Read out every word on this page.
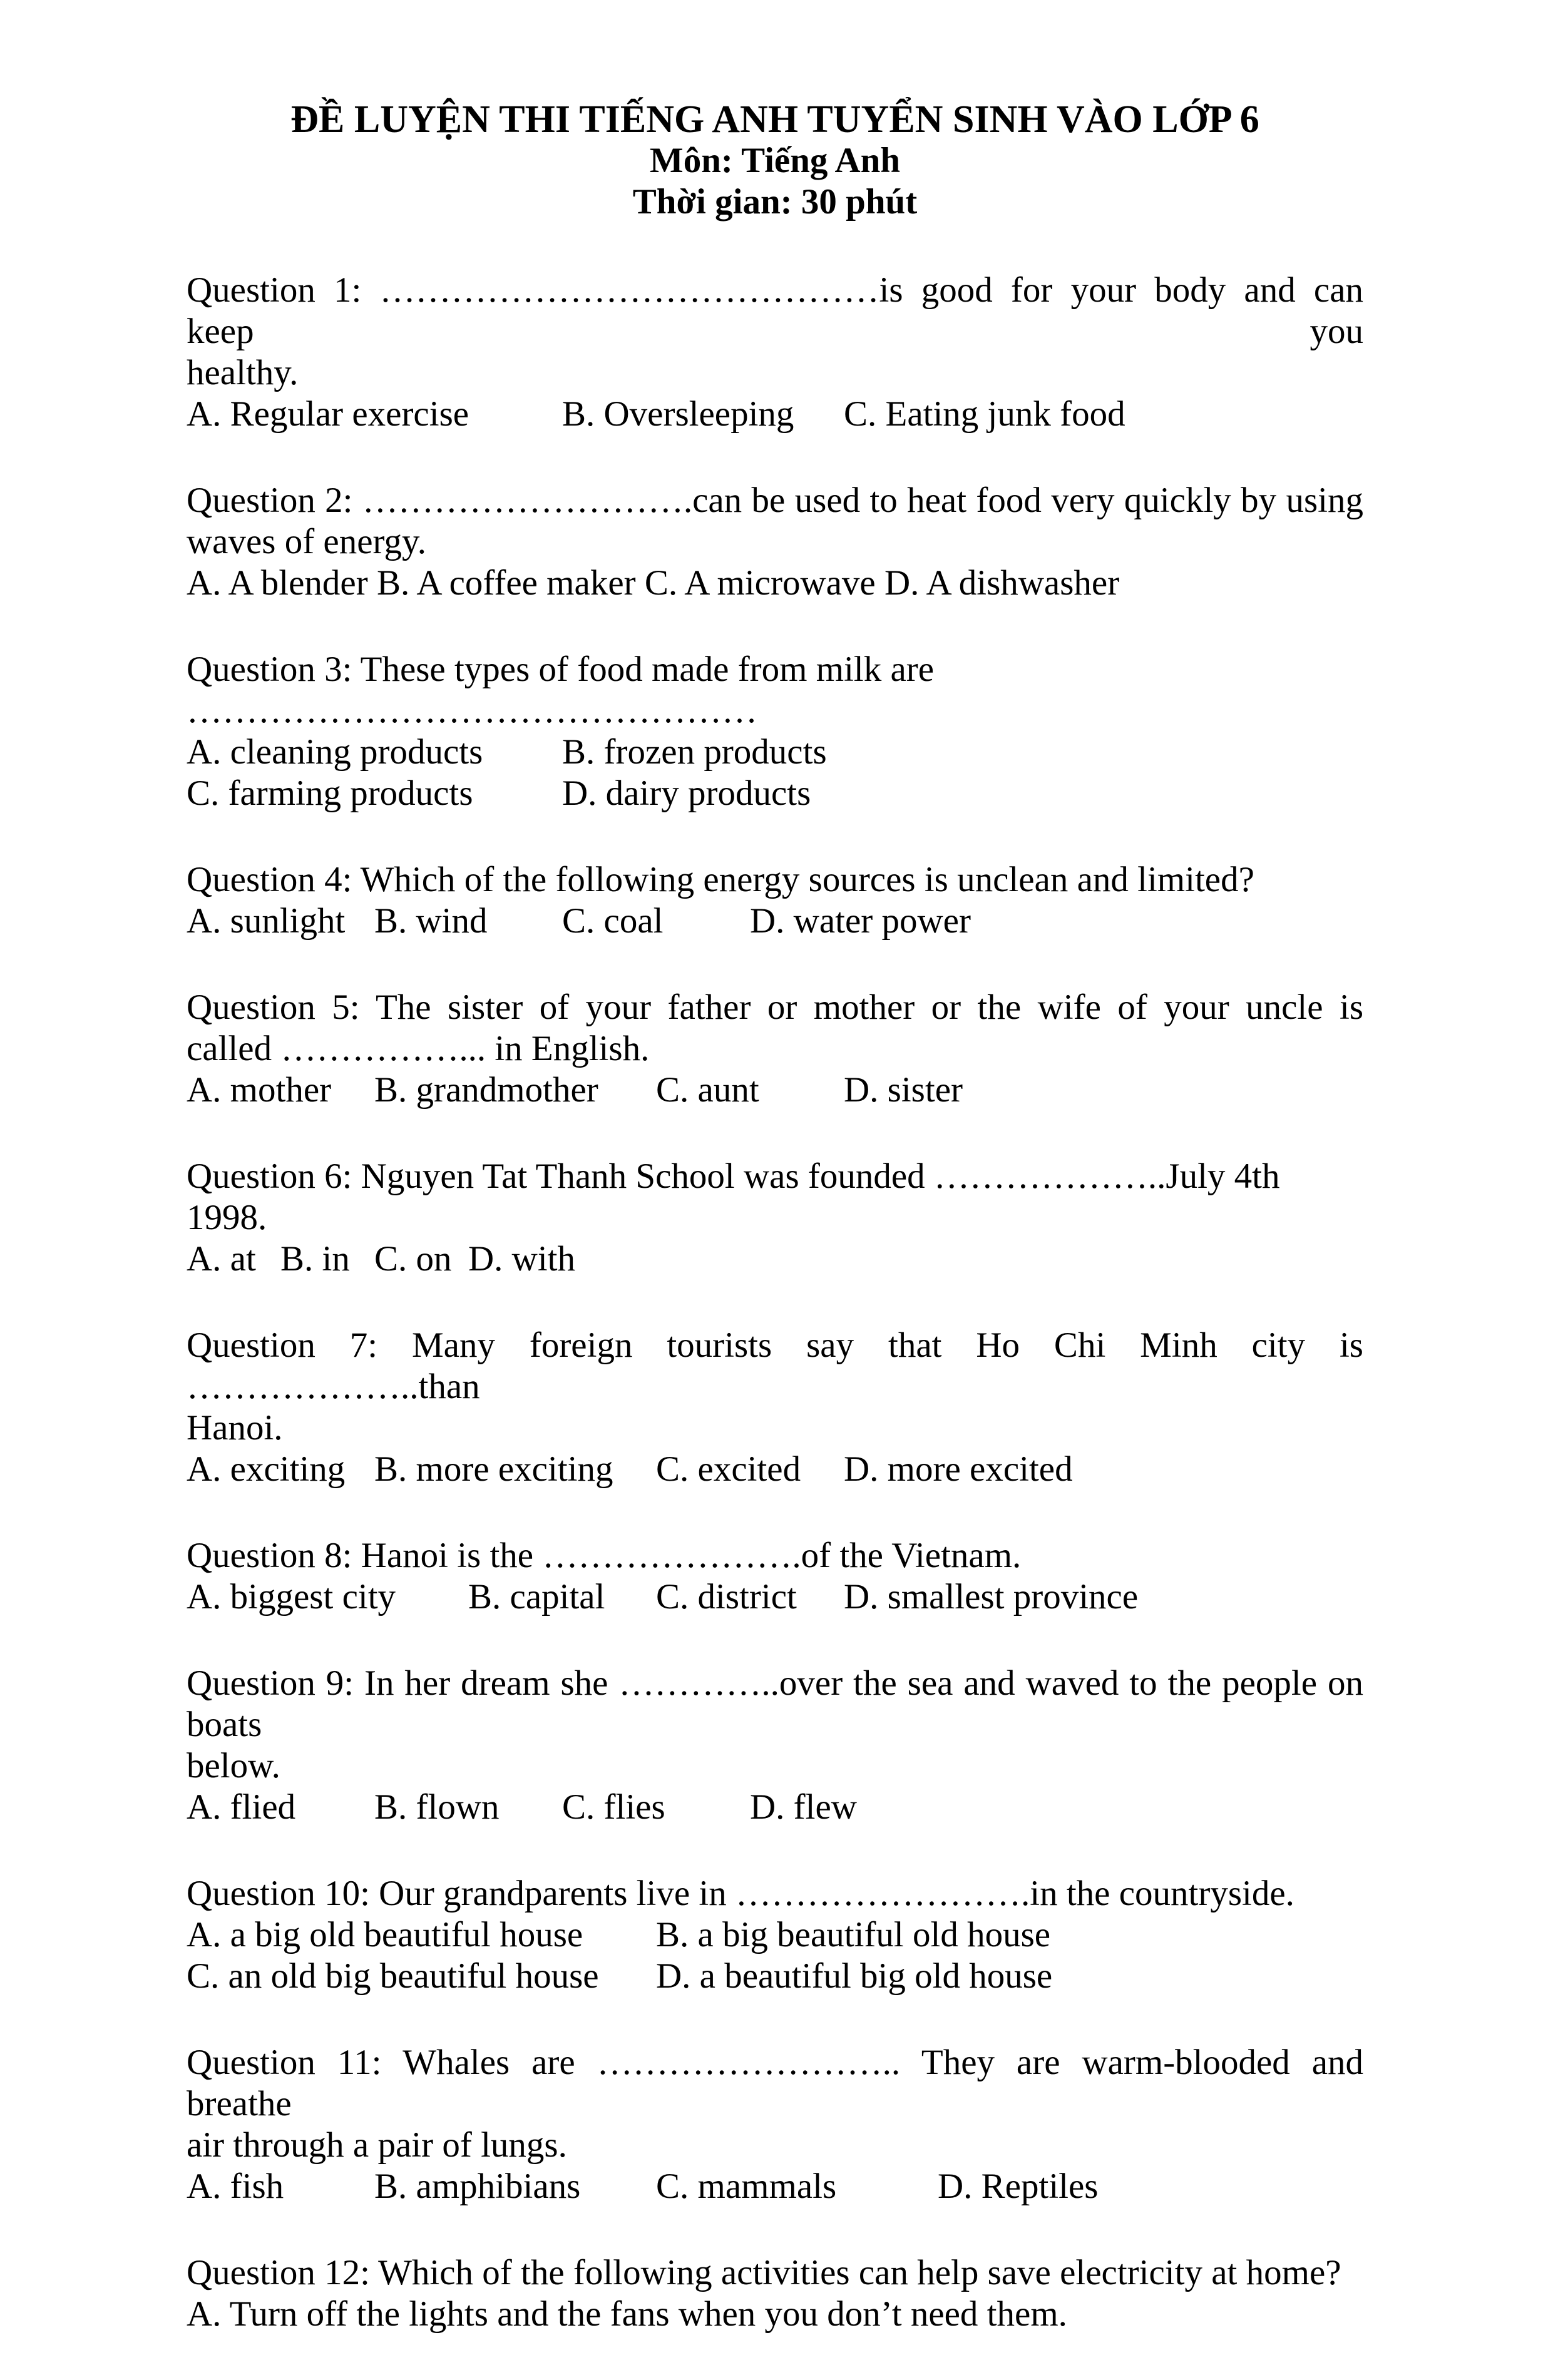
ĐỀ LUYỆN THI TIẾNG ANH TUYỂN SINH VÀO LỚP 6
Môn: Tiếng Anh
Thời gian: 30 phút
Question 1: ……………………………………is good for your body and can keep you
healthy.
A. Regular exercise	B. Oversleeping C. Eating junk food
Question 2: ……………………….can be used to heat food very quickly by using
waves of energy.
A. A blender B. A coffee maker C. A microwave D. A dishwasher
Question 3: These types of food made from milk are …………………………………………
A. cleaning products B. frozen products
C. farming products D. dairy products
Question 4: Which of the following energy sources is unclean and limited?
A. sunlight B. wind C. coal D. water power
Question 5: The sister of your father or mother or the wife of your uncle is
called ……………... in English.
A. mother B. grandmother C. aunt D. sister
Question 6: Nguyen Tat Thanh School was founded ………………..July 4th 1998.
A. at B. in C. on D. with
Question 7: Many foreign tourists say that Ho Chi Minh city is ………………..than
Hanoi.
A. exciting B. more exciting C. excited D. more excited
Question 8: Hanoi is the ………………….of the Vietnam.
A. biggest city B. capital C. district D. smallest province
Question 9: In her dream she …………..over the sea and waved to the people on boats
below.
A. flied B. flown C. flies D. flew
Question 10: Our grandparents live in …………………….in the countryside.
A. a big old beautiful house B. a big beautiful old house
C. an old big beautiful house D. a beautiful big old house
Question 11: Whales are …………………….. They are warm-blooded and breathe
air through a pair of lungs.
A. fish	B. amphibians C. mammals	D. Reptiles
Question 12: Which of the following activities can help save electricity at home?
A. Turn off the lights and the fans when you don’t need them.
